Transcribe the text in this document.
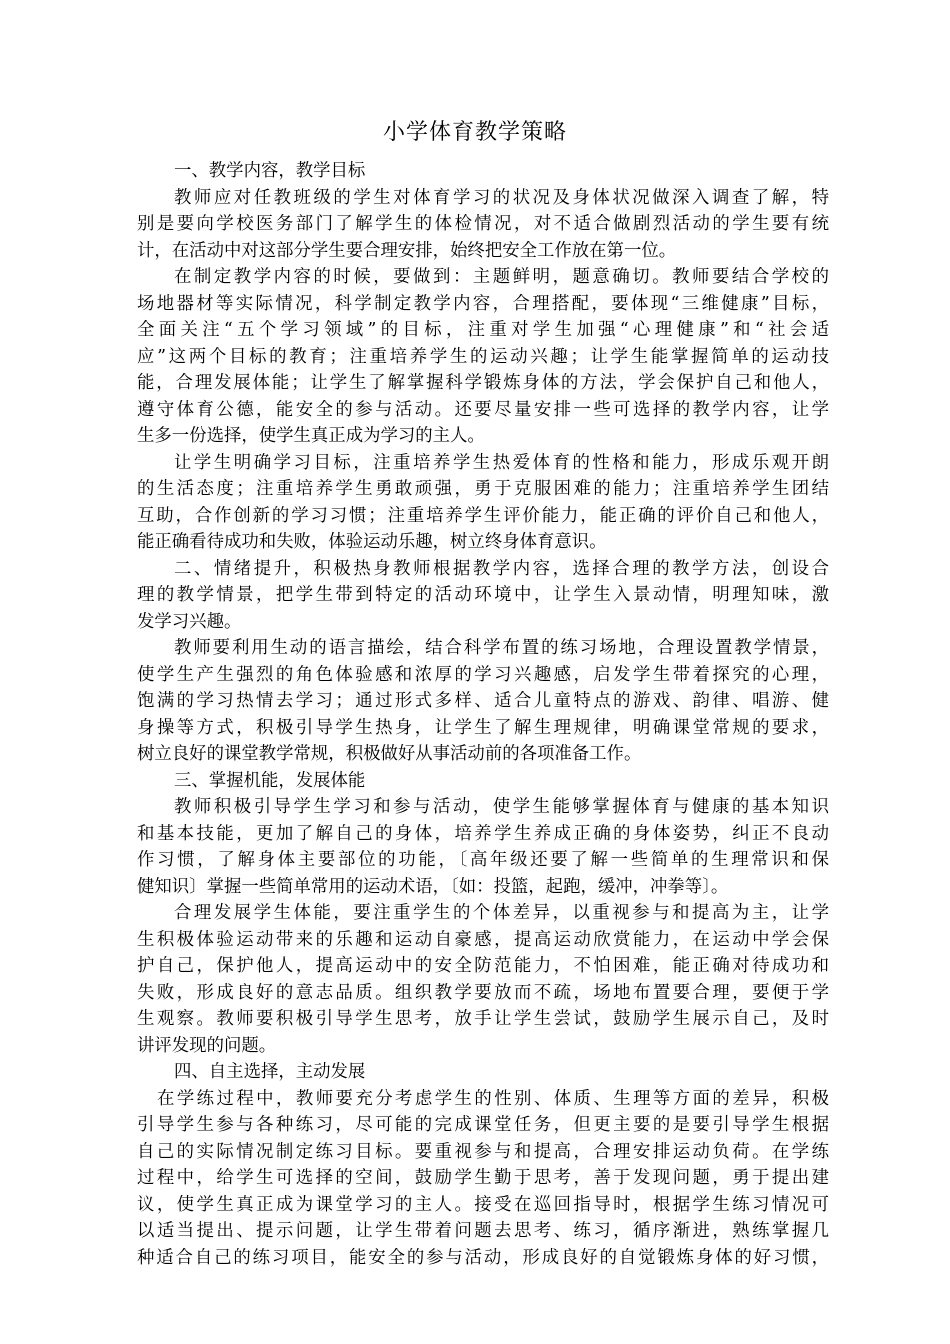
小学体育教学策略
一、教学内容，教学目标
教师应对任教班级的学生对体育学习的状况及身体状况做深入调查了解，特
别是要向学校医务部门了解学生的体检情况，对不适合做剧烈活动的学生要有统
计，在活动中对这部分学生要合理安排，始终把安全工作放在第一位。
在制定教学内容的时候，要做到：主题鲜明，题意确切。教师要结合学校的
场地器材等实际情况，科学制定教学内容，合理搭配，要体现“三维健康”目标，
全面关注“五个学习领域”的目标，注重对学生加强“心理健康”和“社会适
应”这两个目标的教育；注重培养学生的运动兴趣；让学生能掌握简单的运动技
能，合理发展体能；让学生了解掌握科学锻炼身体的方法，学会保护自己和他人，
遵守体育公德，能安全的参与活动。还要尽量安排一些可选择的教学内容，让学
生多一份选择，使学生真正成为学习的主人。
让学生明确学习目标，注重培养学生热爱体育的性格和能力，形成乐观开朗
的生活态度；注重培养学生勇敢顽强，勇于克服困难的能力；注重培养学生团结
互助，合作创新的学习习惯；注重培养学生评价能力，能正确的评价自己和他人，
能正确看待成功和失败，体验运动乐趣，树立终身体育意识。
二、情绪提升，积极热身教师根据教学内容，选择合理的教学方法，创设合
理的教学情景，把学生带到特定的活动环境中，让学生入景动情，明理知味，激
发学习兴趣。
教师要利用生动的语言描绘，结合科学布置的练习场地，合理设置教学情景，
使学生产生强烈的角色体验感和浓厚的学习兴趣感，启发学生带着探究的心理，
饱满的学习热情去学习；通过形式多样、适合儿童特点的游戏、韵律、唱游、健
身操等方式，积极引导学生热身，让学生了解生理规律，明确课堂常规的要求，
树立良好的课堂教学常规，积极做好从事活动前的各项准备工作。
三、掌握机能，发展体能
教师积极引导学生学习和参与活动，使学生能够掌握体育与健康的基本知识
和基本技能，更加了解自己的身体，培养学生养成正确的身体姿势，纠正不良动
作习惯，了解身体主要部位的功能，〔高年级还要了解一些简单的生理常识和保
健知识〕掌握一些简单常用的运动术语，〔如：投篮，起跑，缓冲，冲拳等〕。
合理发展学生体能，要注重学生的个体差异，以重视参与和提高为主，让学
生积极体验运动带来的乐趣和运动自豪感，提高运动欣赏能力，在运动中学会保
护自己，保护他人，提高运动中的安全防范能力，不怕困难，能正确对待成功和
失败，形成良好的意志品质。组织教学要放而不疏，场地布置要合理，要便于学
生观察。教师要积极引导学生思考，放手让学生尝试，鼓励学生展示自己，及时
讲评发现的问题。
四、自主选择，主动发展
在学练过程中，教师要充分考虑学生的性别、体质、生理等方面的差异，积极
引导学生参与各种练习，尽可能的完成课堂任务，但更主要的是要引导学生根据
自己的实际情况制定练习目标。要重视参与和提高，合理安排运动负荷。在学练
过程中，给学生可选择的空间，鼓励学生勤于思考，善于发现问题，勇于提出建
议，使学生真正成为课堂学习的主人。接受在巡回指导时，根据学生练习情况可
以适当提出、提示问题，让学生带着问题去思考、练习，循序渐进，熟练掌握几
种适合自己的练习项目，能安全的参与活动，形成良好的自觉锻炼身体的好习惯，
